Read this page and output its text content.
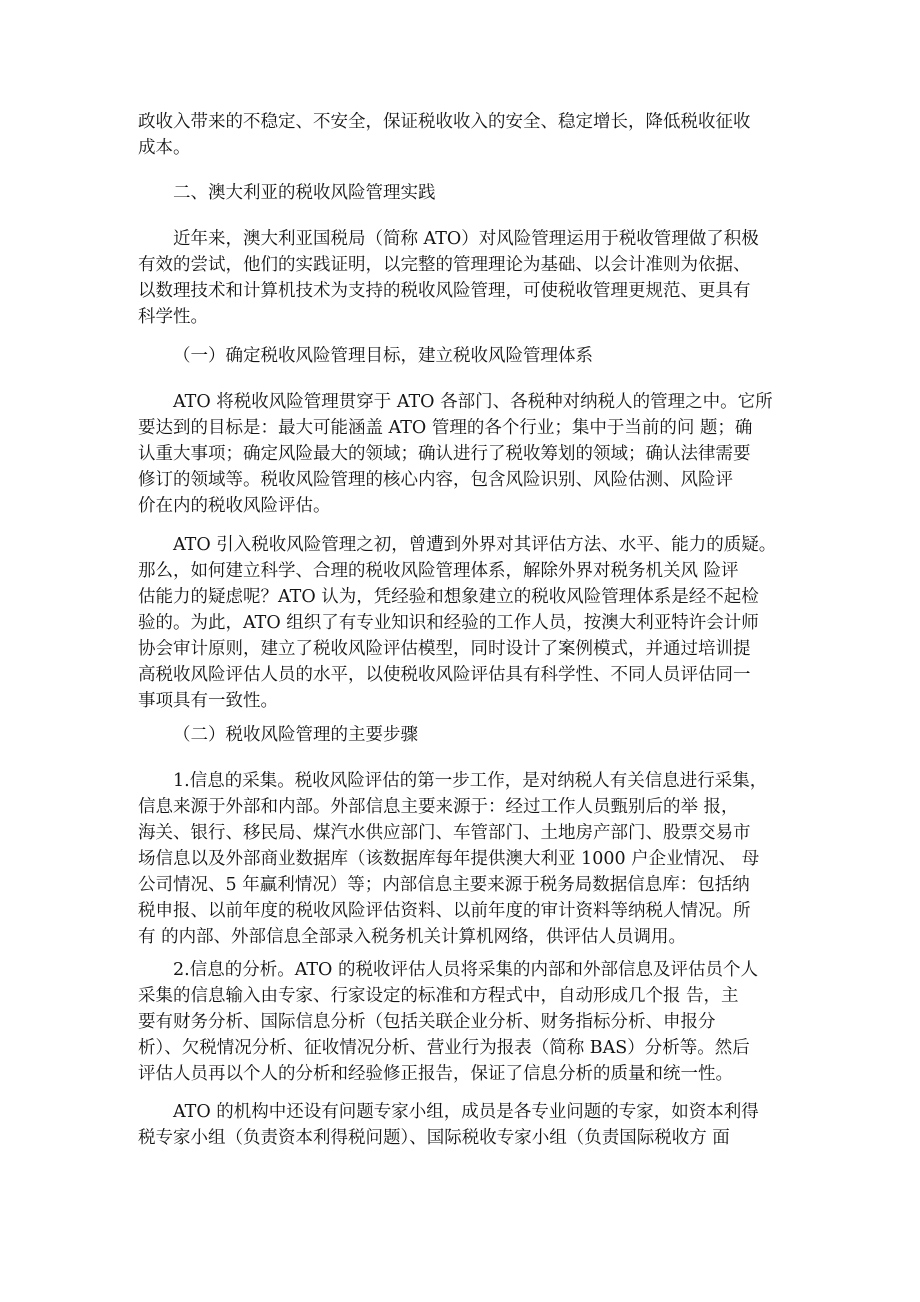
政收入带来的不稳定、不安全，保证税收收入的安全、稳定增长，降低税收征收
成本。
二、澳大利亚的税收风险管理实践
近年来，澳大利亚国税局（简称 ATO）对风险管理运用于税收管理做了积极
有效的尝试，他们的实践证明，以完整的管理理论为基础、以会计准则为依据、
以数理技术和计算机技术为支持的税收风险管理，可使税收管理更规范、更具有
科学性。
（一）确定税收风险管理目标，建立税收风险管理体系
ATO 将税收风险管理贯穿于 ATO 各部门、各税种对纳税人的管理之中。它所
要达到的目标是：最大可能涵盖 ATO 管理的各个行业；集中于当前的问 题；确
认重大事项；确定风险最大的领域；确认进行了税收筹划的领域；确认法律需要
修订的领域等。税收风险管理的核心内容，包含风险识别、风险估测、风险评
价在内的税收风险评估。
ATO 引入税收风险管理之初，曾遭到外界对其评估方法、水平、能力的质疑。
那么，如何建立科学、合理的税收风险管理体系，解除外界对税务机关风 险评
估能力的疑虑呢？ATO 认为，凭经验和想象建立的税收风险管理体系是经不起检
验的。为此，ATO 组织了有专业知识和经验的工作人员，按澳大利亚特许会计师
协会审计原则，建立了税收风险评估模型，同时设计了案例模式，并通过培训提
高税收风险评估人员的水平，以使税收风险评估具有科学性、不同人员评估同一
事项具有一致性。
（二）税收风险管理的主要步骤
1.信息的采集。税收风险评估的第一步工作，是对纳税人有关信息进行采集，
信息来源于外部和内部。外部信息主要来源于：经过工作人员甄别后的举 报，
海关、银行、移民局、煤汽水供应部门、车管部门、土地房产部门、股票交易市
场信息以及外部商业数据库（该数据库每年提供澳大利亚 1000 户企业情况、 母
公司情况、5 年赢利情况）等；内部信息主要来源于税务局数据信息库：包括纳
税申报、以前年度的税收风险评估资料、以前年度的审计资料等纳税人情况。所
有 的内部、外部信息全部录入税务机关计算机网络，供评估人员调用。
2.信息的分析。ATO 的税收评估人员将采集的内部和外部信息及评估员个人
采集的信息输入由专家、行家设定的标准和方程式中，自动形成几个报 告，主
要有财务分析、国际信息分析（包括关联企业分析、财务指标分析、申报分
析）、欠税情况分析、征收情况分析、营业行为报表（简称 BAS）分析等。然后
评估人员再以个人的分析和经验修正报告，保证了信息分析的质量和统一性。
ATO 的机构中还设有问题专家小组，成员是各专业问题的专家，如资本利得
税专家小组（负责资本利得税问题）、国际税收专家小组（负责国际税收方 面
